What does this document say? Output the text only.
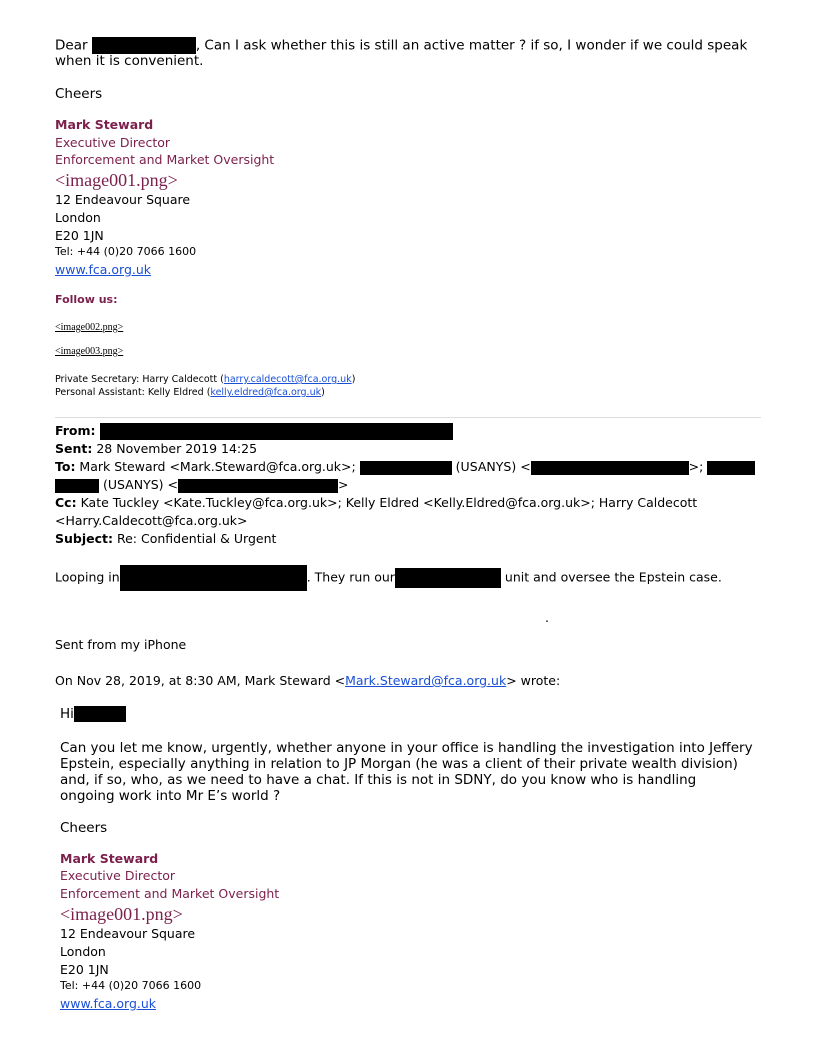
Dear	, Can I ask whether this is still an active matter ? if so, I wonder if we could speak
when it is convenient.
Cheers
Mark Steward
Executive Director
Enforcement and Market Oversight
<image001.png>
12 Endeavour Square
London
E20 1JN
Tel: +44 (0)20 7066 1600
www.fca.org.uk
Follow us:
<image002.png>
<image003.png>
Private Secretary: Harry Caldecott (harry.caldecott@fca.org.uk)
Personal Assistant: Kelly Eldred (kelly.eldred@fca.org.uk)
From:
Sent: 28 November 2019 14:25
To: Mark Steward <Mark.Steward@fca.org.uk>;	(USANYS) <	>;
(USANYS) <	>
Cc: Kate Tuckley <Kate.Tuckley@fca.org.uk>; Kelly Eldred <Kelly.Eldred@fca.org.uk>; Harry Caldecott
<Harry.Caldecott@fca.org.uk>
Subject: Re: Confidential & Urgent
Looping in	. They run our	unit and oversee the Epstein case.
.
Sent from my iPhone
On Nov 28, 2019, at 8:30 AM, Mark Steward <Mark.Steward@fca.org.uk> wrote:
Hi
Can you let me know, urgently, whether anyone in your office is handling the investigation into Jeffery
Epstein, especially anything in relation to JP Morgan (he was a client of their private wealth division)
and, if so, who, as we need to have a chat. If this is not in SDNY, do you know who is handling
ongoing work into Mr E’s world ?
Cheers
Mark Steward
Executive Director
Enforcement and Market Oversight
<image001.png>
12 Endeavour Square
London
E20 1JN
Tel: +44 (0)20 7066 1600
www.fca.org.uk
